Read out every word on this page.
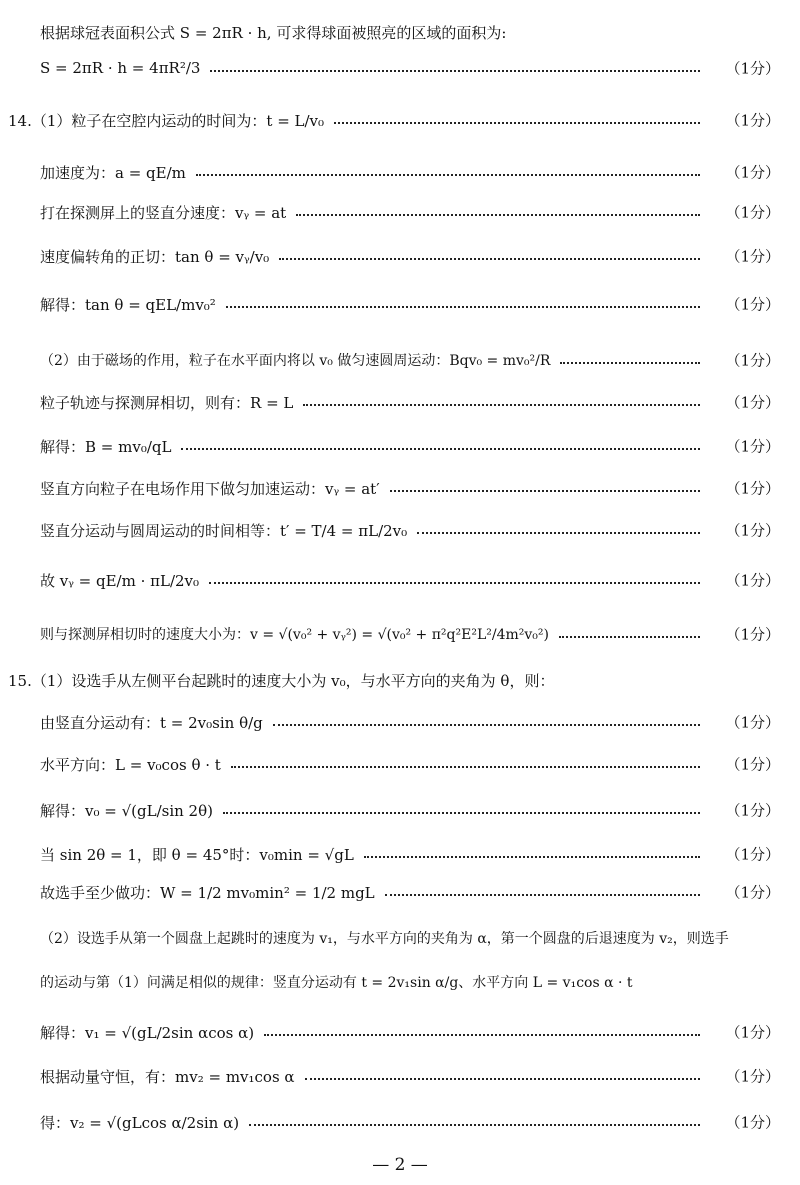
根据球冠表面积公式 S = 2πR · h, 可求得球面被照亮的区域的面积为:
S = 2πR · h = 4πR²/3	（1分）
14.（1）粒子在空腔内运动的时间为：t = L/v₀	（1分）
加速度为：a = qE/m	（1分）
打在探测屏上的竖直分速度：vᵧ = at	（1分）
速度偏转角的正切：tan θ = vᵧ/v₀	（1分）
解得：tan θ = qEL/mv₀²	（1分）
（2）由于磁场的作用，粒子在水平面内将以 v₀ 做匀速圆周运动：Bqv₀ = mv₀²/R	（1分）
粒子轨迹与探测屏相切，则有：R = L	（1分）
解得：B = mv₀/qL	（1分）
竖直方向粒子在电场作用下做匀加速运动：vᵧ = at′	（1分）
竖直分运动与圆周运动的时间相等：t′ = T/4 = πL/2v₀	（1分）
故 vᵧ = qE/m · πL/2v₀	（1分）
则与探测屏相切时的速度大小为：v = √(v₀² + vᵧ²) = √(v₀² + π²q²E²L²/4m²v₀²)	（1分）
15.（1）设选手从左侧平台起跳时的速度大小为 v₀，与水平方向的夹角为 θ，则：
由竖直分运动有：t = 2v₀sin θ/g	（1分）
水平方向：L = v₀cos θ · t	（1分）
解得：v₀ = √(gL/sin 2θ)	（1分）
当 sin 2θ = 1，即 θ = 45°时：v₀min = √gL	（1分）
故选手至少做功：W = 1/2 mv₀min² = 1/2 mgL	（1分）
（2）设选手从第一个圆盘上起跳时的速度为 v₁，与水平方向的夹角为 α，第一个圆盘的后退速度为 v₂，则选手
的运动与第（1）问满足相似的规律：竖直分运动有 t = 2v₁sin α/g、水平方向 L = v₁cos α · t
解得：v₁ = √(gL/2sin αcos α)	（1分）
根据动量守恒，有：mv₂ = mv₁cos α	（1分）
得：v₂ = √(gLcos α/2sin α)	（1分）
— 2 —
